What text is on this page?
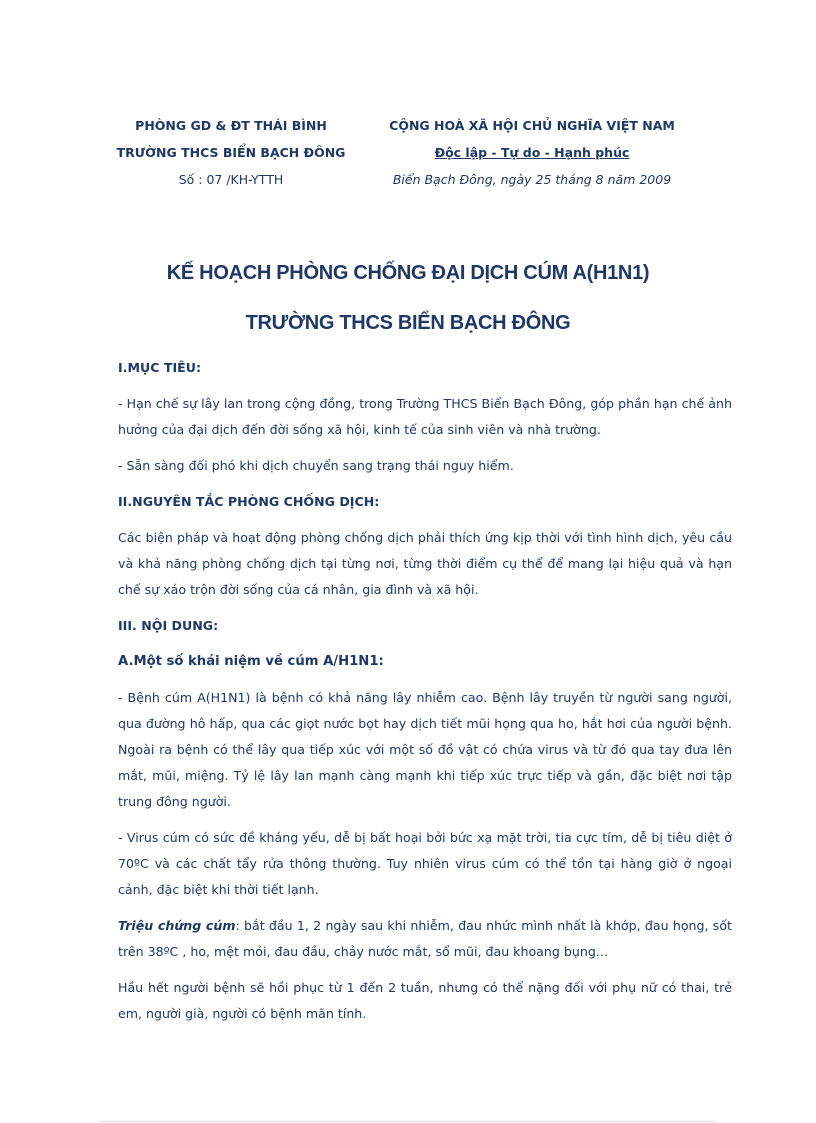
PHÒNG GD & ĐT THÁI BÌNH
TRƯỜNG THCS BIỂN BẠCH ĐÔNG
Số : 07 /KH-YTTH
CỘNG HOÀ XÃ HỘI CHỦ NGHĨA VIỆT NAM
Độc lập - Tự do - Hạnh phúc
Biển Bạch Đông, ngày 25 tháng 8 năm 2009
KẾ HOẠCH PHÒNG CHỐNG ĐẠI DỊCH CÚM A(H1N1)
TRƯỜNG THCS BIỂN BẠCH ĐÔNG
I.MỤC TIÊU:

- Hạn chế sự lây lan trong cộng đồng, trong Trường THCS Biển Bạch Đông, góp phần hạn chế ảnh hưởng của đại dịch đến đời sống xã hội, kinh tế của sinh viên và nhà trường.

- Sẵn sàng đối phó khi dịch chuyển sang trạng thái nguy hiểm.

II.NGUYÊN TẮC PHÒNG CHỐNG DỊCH:

Các biện pháp và hoạt động phòng chống dịch phải thích ứng kịp thời với tình hình dịch, yêu cầu và khả năng phòng chống dịch tại từng nơi, từng thời điểm cụ thể để mang lại hiệu quả và hạn chế sự xáo trộn đời sống của cá nhân, gia đình và xã hội.

III. NỘI DUNG:
A.Một số khái niệm về cúm A/H1N1:

- Bệnh cúm A(H1N1) là bệnh có khả năng lây nhiễm cao. Bệnh lây truyền từ người sang người, qua đường hô hấp, qua các giọt nước bọt hay dịch tiết mũi họng qua ho, hắt hơi của người bệnh. Ngoài ra bệnh có thể lây qua tiếp xúc với một số đồ vật có chứa virus và từ đó qua tay đưa lên mắt, mũi, miệng. Tỷ lệ lây lan mạnh càng mạnh khi tiếp xúc trực tiếp và gần, đặc biệt nơi tập trung đông người.

- Virus cúm có sức đề kháng yếu, dễ bị bất hoại bởi bức xạ mặt trời, tia cực tím, dễ bị tiêu diệt ở 70ºC và các chất tẩy rửa thông thường. Tuy nhiên virus cúm có thể tồn tại hàng giờ ở ngoại cảnh, đặc biệt khi thời tiết lạnh.

Triệu chứng cúm: bắt đầu 1, 2 ngày sau khi nhiễm, đau nhức mình nhất là khớp, đau họng, sốt trên 38ºC , ho, mệt mỏi, đau đầu, chảy nước mắt, sổ mũi, đau khoang bụng…

Hầu hết người bệnh sẽ hồi phục từ 1 đến 2 tuần, nhưng có thể nặng đối với phụ nữ có thai, trẻ em, người già, người có bệnh mãn tính.
